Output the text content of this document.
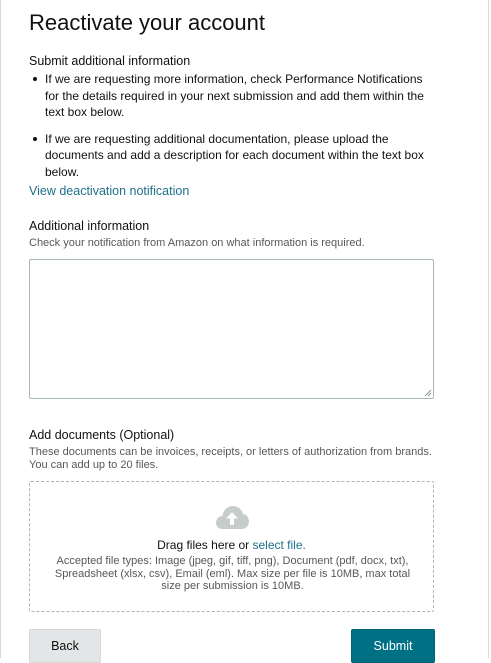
Reactivate your account
Submit additional information
If we are requesting more information, check Performance Notifications for the details required in your next submission and add them within the text box below.
If we are requesting additional documentation, please upload the documents and add a description for each document within the text box below.
View deactivation notification
Additional information
Check your notification from Amazon on what information is required.
Add documents (Optional)
These documents can be invoices, receipts, or letters of authorization from brands. You can add up to 20 files.
Drag files here or select file.
Accepted file types: Image (jpeg, gif, tiff, png), Document (pdf, docx, txt), Spreadsheet (xlsx, csv), Email (eml). Max size per file is 10MB, max total size per submission is 10MB.
Back	Submit
